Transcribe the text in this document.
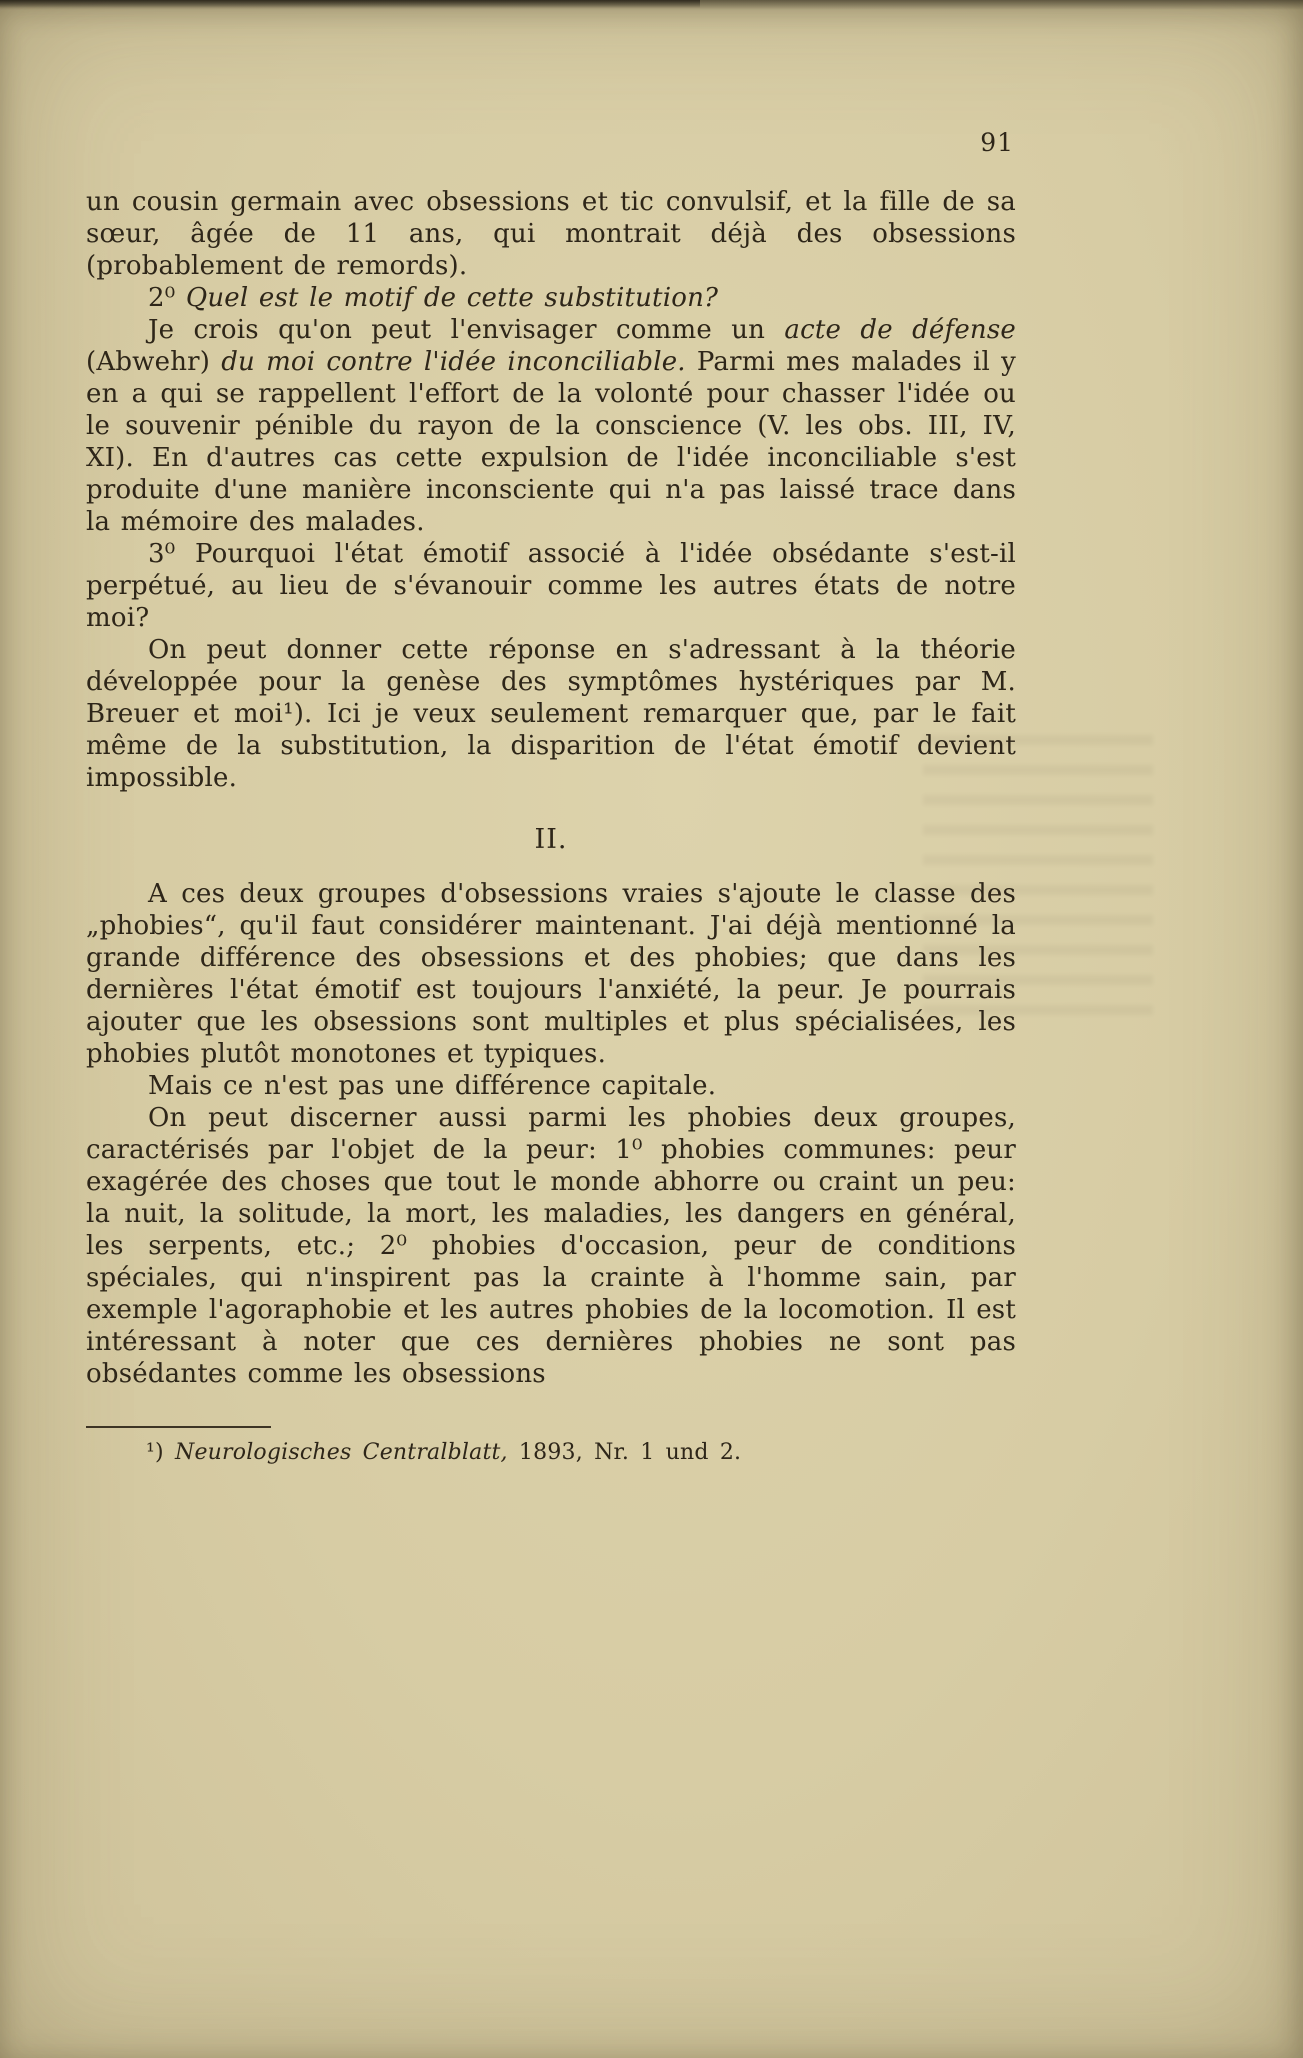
91

un cousin germain avec obsessions et tic convulsif, et la fille de sa sœur, âgée de 11 ans, qui montrait déjà des obsessions (probablement de remords).

2⁰ Quel est le motif de cette substitution?

Je crois qu'on peut l'envisager comme un acte de défense (Abwehr) du moi contre l'idée inconciliable. Parmi mes malades il y en a qui se rappellent l'effort de la volonté pour chasser l'idée ou le souvenir pénible du rayon de la conscience (V. les obs. III, IV, XI). En d'autres cas cette expulsion de l'idée inconciliable s'est produite d'une manière inconsciente qui n'a pas laissé trace dans la mémoire des malades.

3⁰ Pourquoi l'état émotif associé à l'idée obsédante s'est-il perpétué, au lieu de s'évanouir comme les autres états de notre moi?

On peut donner cette réponse en s'adressant à la théorie développée pour la genèse des symptômes hystériques par M. Breuer et moi¹). Ici je veux seulement remarquer que, par le fait même de la substitution, la disparition de l'état émotif devient impossible.

II.

A ces deux groupes d'obsessions vraies s'ajoute le classe des „phobies“, qu'il faut considérer maintenant. J'ai déjà mentionné la grande différence des obsessions et des phobies; que dans les dernières l'état émotif est toujours l'anxiété, la peur. Je pourrais ajouter que les obsessions sont multiples et plus spécialisées, les phobies plutôt monotones et typiques.

Mais ce n'est pas une différence capitale.

On peut discerner aussi parmi les phobies deux groupes, caractérisés par l'objet de la peur: 1⁰ phobies communes: peur exagérée des choses que tout le monde abhorre ou craint un peu: la nuit, la solitude, la mort, les maladies, les dangers en général, les serpents, etc.; 2⁰ phobies d'occasion, peur de conditions spéciales, qui n'inspirent pas la crainte à l'homme sain, par exemple l'agoraphobie et les autres phobies de la locomotion. Il est intéressant à noter que ces dernières phobies ne sont pas obsédantes comme les obsessions

¹) Neurologisches Centralblatt, 1893, Nr. 1 und 2.
